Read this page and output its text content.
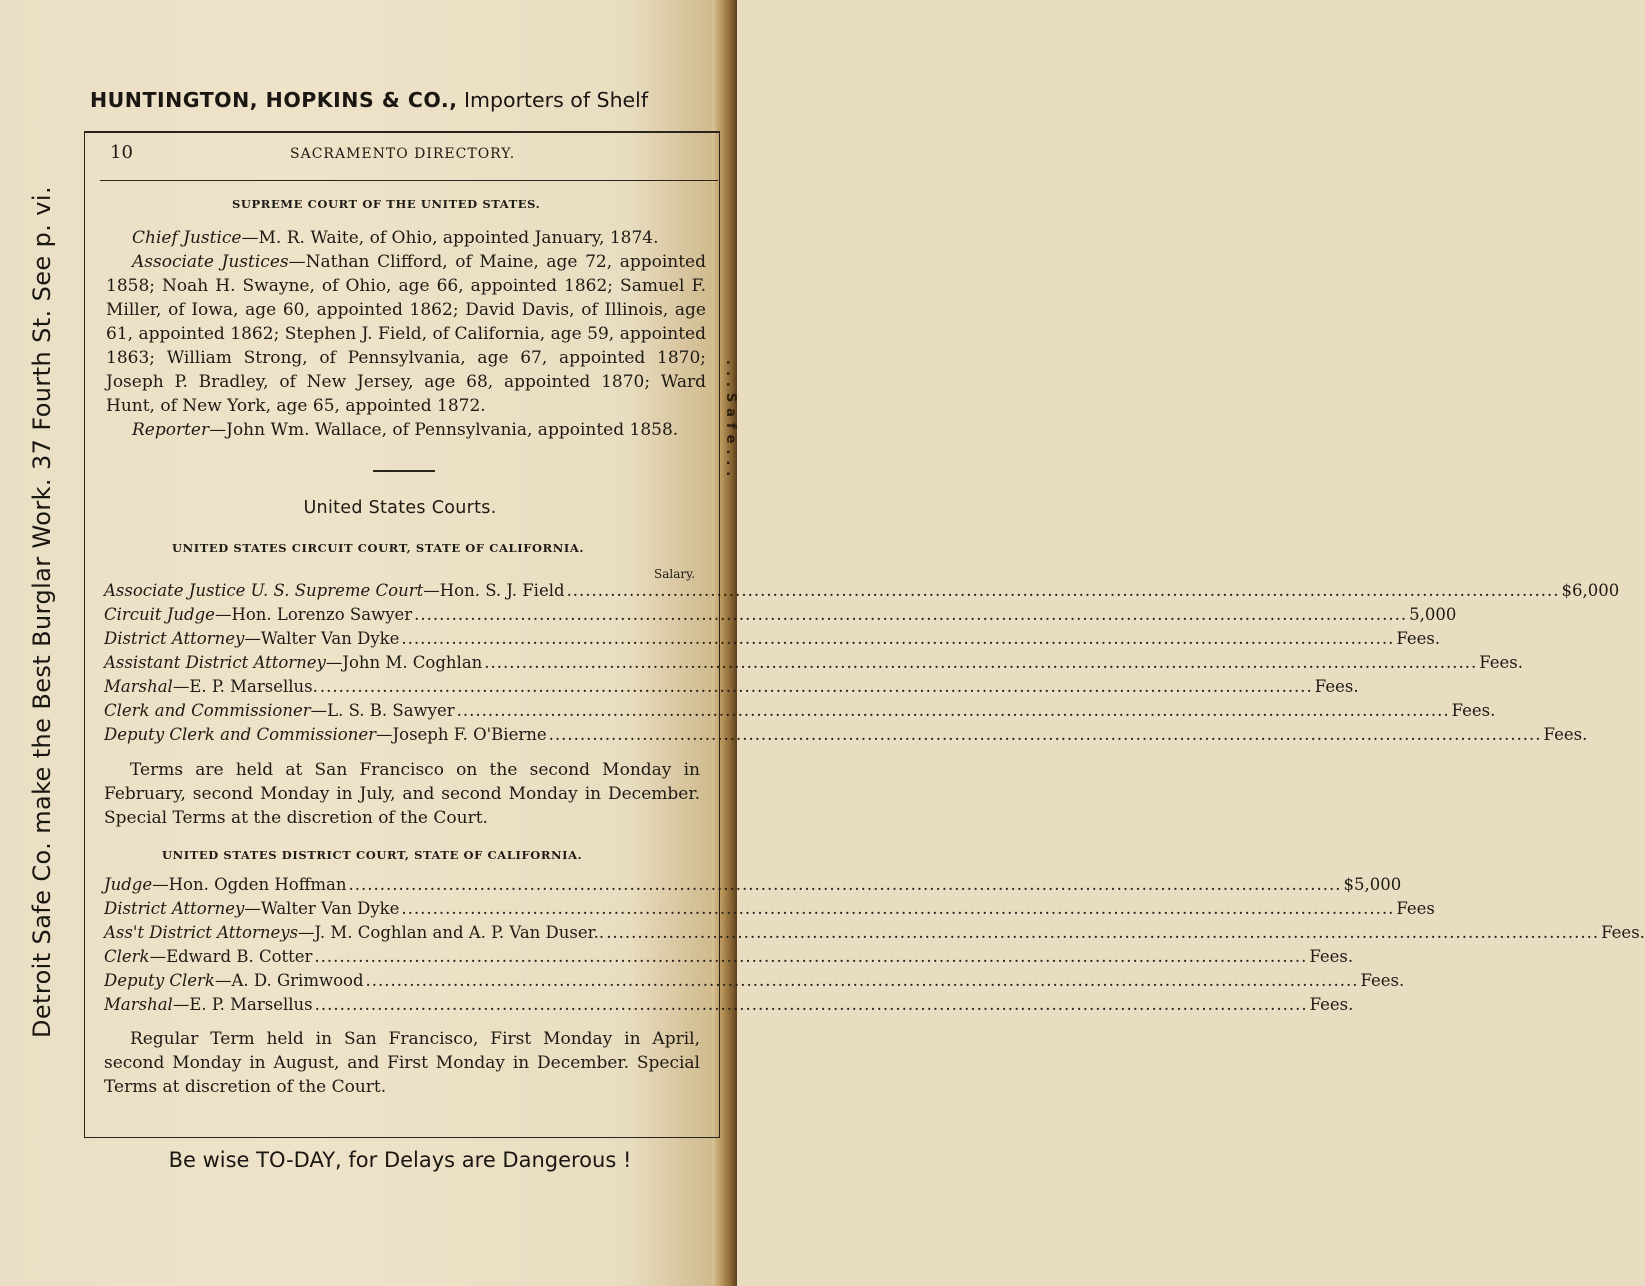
...Safe...
Detroit Safe Co. make the Best Burglar Work. 37 Fourth St. See p. vi.
HUNTINGTON, HOPKINS & CO., Importers of Shelf
10	SACRAMENTO DIRECTORY.
SUPREME COURT OF THE UNITED STATES.
Chief Justice—M. R. Waite, of Ohio, appointed January, 1874.
Associate Justices—Nathan Clifford, of Maine, age 72, appointed 1858; Noah H. Swayne, of Ohio, age 66, appointed 1862; Samuel F. Miller, of Iowa, age 60, appointed 1862; David Davis, of Illinois, age 61, appointed 1862; Stephen J. Field, of California, age 59, appointed 1863; William Strong, of Pennsylvania, age 67, appointed 1870; Joseph P. Bradley, of New Jersey, age 68, appointed 1870; Ward Hunt, of New York, age 65, appointed 1872.
Reporter—John Wm. Wallace, of Pennsylvania, appointed 1858.
United States Courts.
UNITED STATES CIRCUIT COURT, STATE OF CALIFORNIA.
Salary.
Associate Justice U. S. Supreme Court —Hon. S. J. Field .....	$6,000
Circuit Judge —Hon. Lorenzo Sawyer .....	5,000
District Attorney —Walter Van Dyke .....	Fees.
Assistant District Attorney —John M. Coghlan .....	Fees.
Marshal —E. P. Marsellus. .....	Fees.
Clerk and Commissioner —L. S. B. Sawyer .....	Fees.
Deputy Clerk and Commissioner —Joseph F. O'Bierne .....	Fees.
Terms are held at San Francisco on the second Monday in February, second Monday in July, and second Monday in December. Special Terms at the discretion of the Court.
UNITED STATES DISTRICT COURT, STATE OF CALIFORNIA.
Judge —Hon. Ogden Hoffman .....	$5,000
District Attorney —Walter Van Dyke .....	Fees
Ass't District Attorneys —J. M. Coghlan and A. P. Van Duser.. .....	Fees.
Clerk —Edward B. Cotter .....	Fees.
Deputy Clerk —A. D. Grimwood .....	Fees.
Marshal —E. P. Marsellus .....	Fees.
Regular Term held in San Francisco, First Monday in April, second Monday in August, and First Monday in December. Special Terms at discretion of the Court.
Be wise TO-DAY, for Delays are Dangerous !
